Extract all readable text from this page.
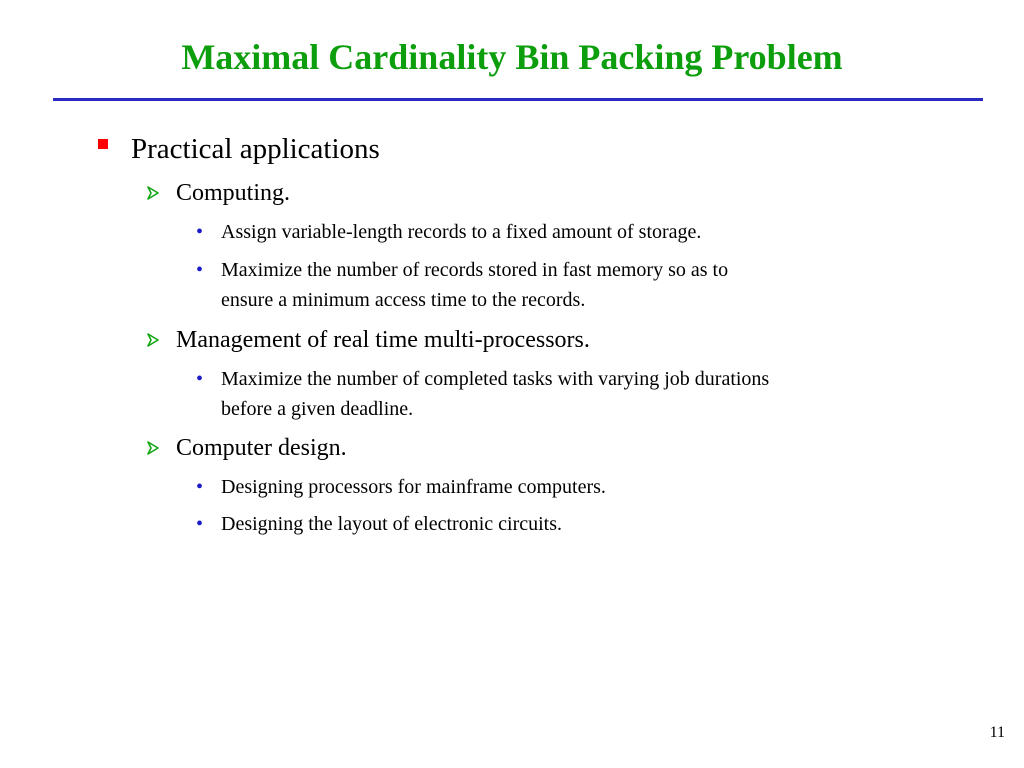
Maximal Cardinality Bin Packing Problem
Practical applications
Computing.
• Assign variable-length records to a fixed amount of storage.
• Maximize the number of records stored in fast memory so as to
ensure a minimum access time to the records.
Management of real time multi-processors.
• Maximize the number of completed tasks with varying job durations
before a given deadline.
Computer design.
• Designing processors for mainframe computers.
• Designing the layout of electronic circuits.
11
